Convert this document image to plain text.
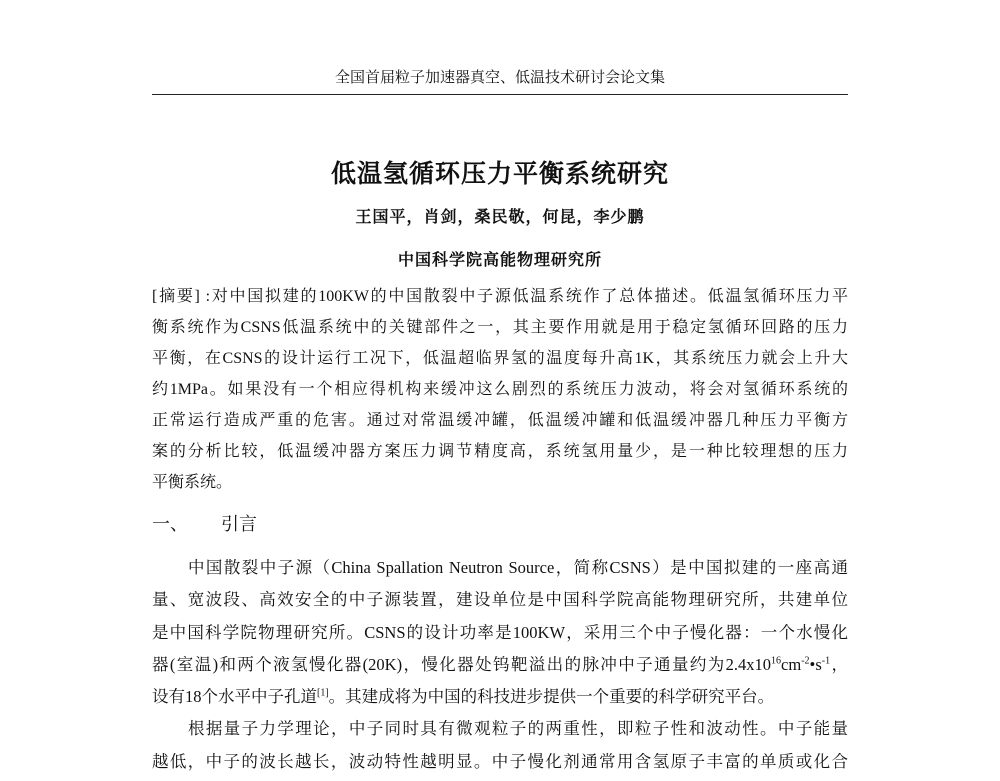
全国首届粒子加速器真空、低温技术研讨会论文集
低温氢循环压力平衡系统研究
王国平，肖剑，桑民敬，何昆，李少鹏
中国科学院高能物理研究所
[摘要] :对中国拟建的100KW的中国散裂中子源低温系统作了总体描述。低温氢循环压力平
衡系统作为CSNS低温系统中的关键部件之一，其主要作用就是用于稳定氢循环回路的压力
平衡，在CSNS的设计运行工况下，低温超临界氢的温度每升高1K，其系统压力就会上升大
约1MPa。如果没有一个相应得机构来缓冲这么剧烈的系统压力波动，将会对氢循环系统的
正常运行造成严重的危害。通过对常温缓冲罐，低温缓冲罐和低温缓冲器几种压力平衡方
案的分析比较，低温缓冲器方案压力调节精度高，系统氢用量少，是一种比较理想的压力
平衡系统。
一、 引言
中国散裂中子源（China Spallation Neutron Source，简称CSNS）是中国拟建的一座高通
量、宽波段、高效安全的中子源装置，建设单位是中国科学院高能物理研究所，共建单位
是中国科学院物理研究所。CSNS的设计功率是100KW，采用三个中子慢化器：一个水慢化
器(室温)和两个液氢慢化器(20K)，慢化器处钨靶溢出的脉冲中子通量约为$2.4x10^{16}cm^{-2}•s^{-1}$，
设有18个水平中子孔道[1]。其建成将为中国的科技进步提供一个重要的科学研究平台。
根据量子力学理论，中子同时具有微观粒子的两重性，即粒子性和波动性。中子能量
越低，中子的波长越长，波动特性越明显。中子慢化剂通常用含氢原子丰富的单质或化合
